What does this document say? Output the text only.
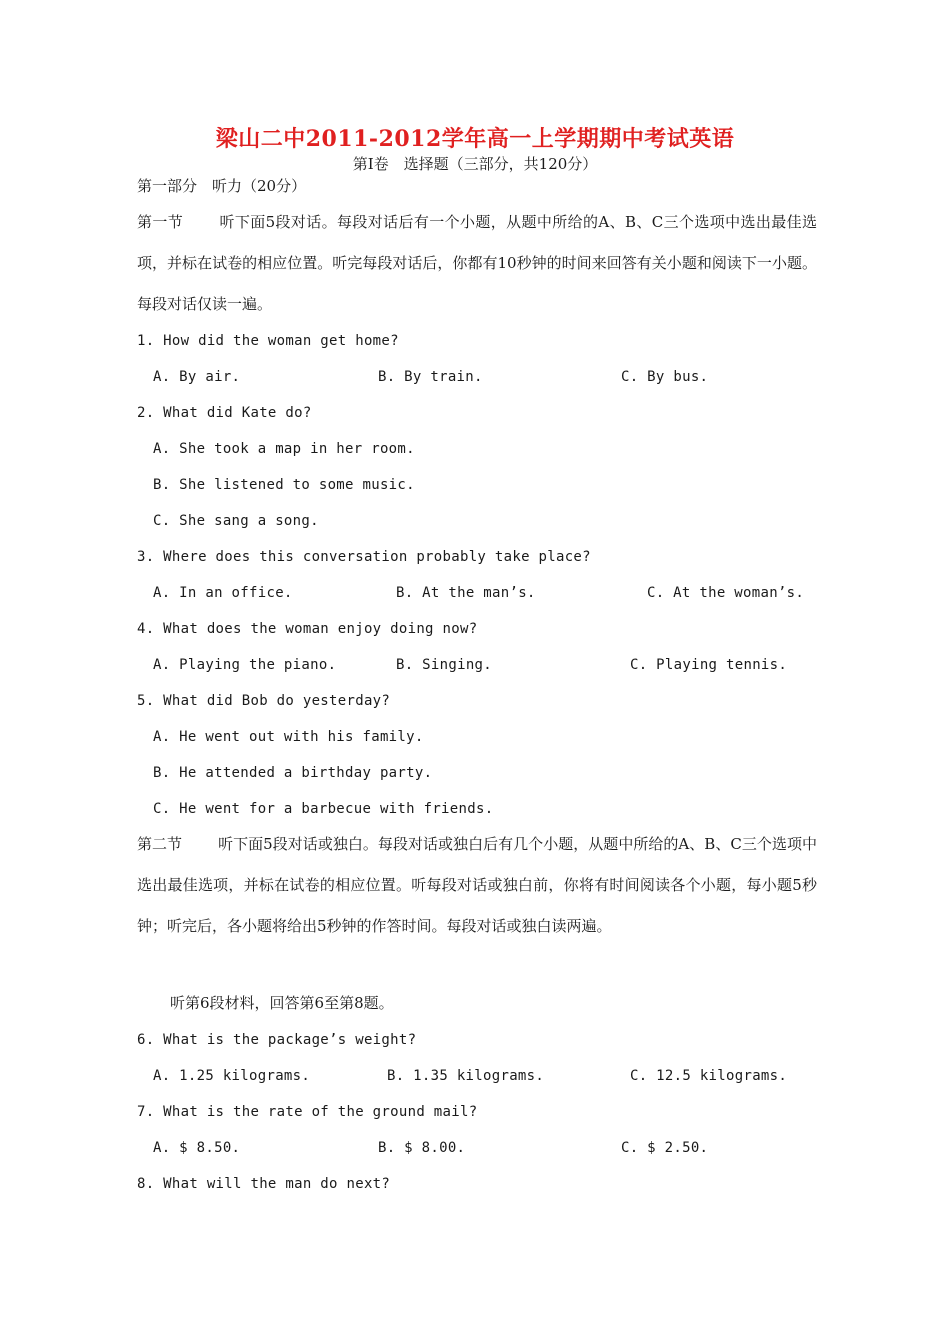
梁山二中2011-2012学年高一上学期期中考试英语
第Ⅰ卷　选择题（三部分，共120分）
第一部分　听力（20分）
第一节 听下面5段对话。每段对话后有一个小题，从题中所给的A、B、C三个选项中选出最佳选项，并标在试卷的相应位置。听完每段对话后，你都有10秒钟的时间来回答有关小题和阅读下一小题。每段对话仅读一遍。
1. How did the woman get home?
A. By air.	B. By train.	C. By bus.
2. What did Kate do?
A. She took a map in her room.
B. She listened to some music.
C. She sang a song.
3. Where does this conversation probably take place?
A. In an office.	B. At the man’s.	C. At the woman’s.
4. What does the woman enjoy doing now?
A. Playing the piano.	B. Singing.	C. Playing tennis.
5. What did Bob do yesterday?
A. He went out with his family.
B. He attended a birthday party.
C. He went for a barbecue with friends.
第二节 听下面5段对话或独白。每段对话或独白后有几个小题，从题中所给的A、B、C三个选项中选出最佳选项，并标在试卷的相应位置。听每段对话或独白前，你将有时间阅读各个小题，每小题5秒钟；听完后，各小题将给出5秒钟的作答时间。每段对话或独白读两遍。
听第6段材料，回答第6至第8题。
6. What is the package’s weight?
A. 1.25 kilograms.	B. 1.35 kilograms.	C. 12.5 kilograms.
7. What is the rate of the ground mail?
A. $ 8.50.	B. $ 8.00.	C. $ 2.50.
8. What will the man do next?
